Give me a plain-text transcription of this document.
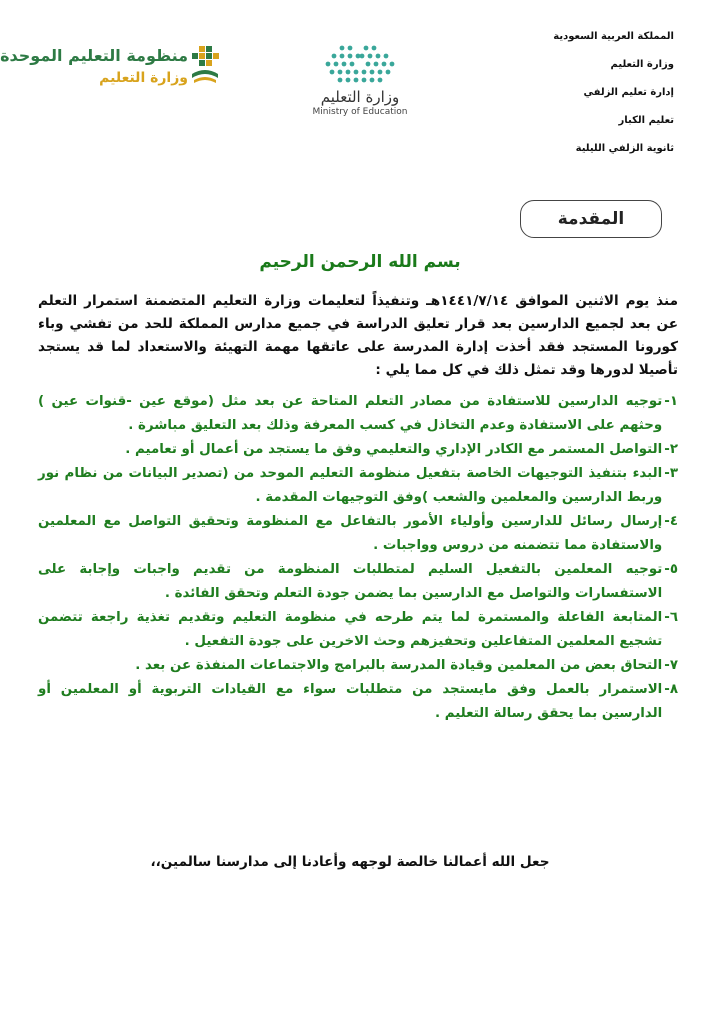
المملكة العربية السعودية
وزارة التعليم
إدارة تعليم الزلفي
تعليم الكبار
ثانوية الزلفي الليلية
وزارة التعليم
Ministry of Education
منظومة التعليم الموحدة
وزارة التعليم
المقدمة
بسم الله الرحمن الرحيم

منذ يوم الاثنين الموافق ١٤٤١/٧/١٤هـ وتنفيذاً لتعليمات وزارة التعليم المتضمنة استمرار التعلم عن بعد لجميع الدارسين بعد قرار تعليق الدراسة في جميع مدارس المملكة للحد من تفشي وباء كورونا المستجد فقد أخذت إدارة المدرسة على عاتقها مهمة التهيئة والاستعداد لما قد يستجد تأصيلا لدورها وقد تمثل ذلك في كل مما يلي :

١-
توجيه الدارسين للاستفادة من مصادر التعلم المتاحة عن بعد مثل (موقع عين -قنوات عين ) وحثهم على الاستفادة وعدم التخاذل في كسب المعرفة وذلك بعد التعليق مباشرة .
٢-
التواصل المستمر مع الكادر الإداري والتعليمي وفق ما يستجد من أعمال أو تعاميم .
٣-
البدء بتنفيذ التوجيهات الخاصة بتفعيل منظومة التعليم الموحد من (تصدير البيانات من نظام نور وربط الدارسين والمعلمين والشعب )وفق التوجيهات المقدمة .
٤-
إرسال رسائل للدارسين وأولياء الأمور بالتفاعل مع المنظومة وتحقيق التواصل مع المعلمين والاستفادة مما تتضمنه من دروس وواجبات .
٥-
توجيه المعلمين بالتفعيل السليم لمتطلبات المنظومة من تقديم واجبات وإجابة على الاستفسارات والتواصل مع الدارسين بما يضمن جودة التعلم وتحقق الفائدة .
٦-
المتابعة الفاعلة والمستمرة لما يتم طرحه في منظومة التعليم وتقديم تغذية راجعة تتضمن تشجيع المعلمين المتفاعلين وتحفيزهم وحث الاخرين على جودة التفعيل .
٧-
التحاق بعض من المعلمين وقيادة المدرسة بالبرامج والاجتماعات المنفذة عن بعد .
٨-
الاستمرار بالعمل وفق مايستجد من متطلبات سواء مع القيادات التربوية أو المعلمين أو الدارسين بما يحقق رسالة التعليم .
جعل الله أعمالنا خالصة لوجهه وأعادنا إلى مدارسنا سالمين،،
